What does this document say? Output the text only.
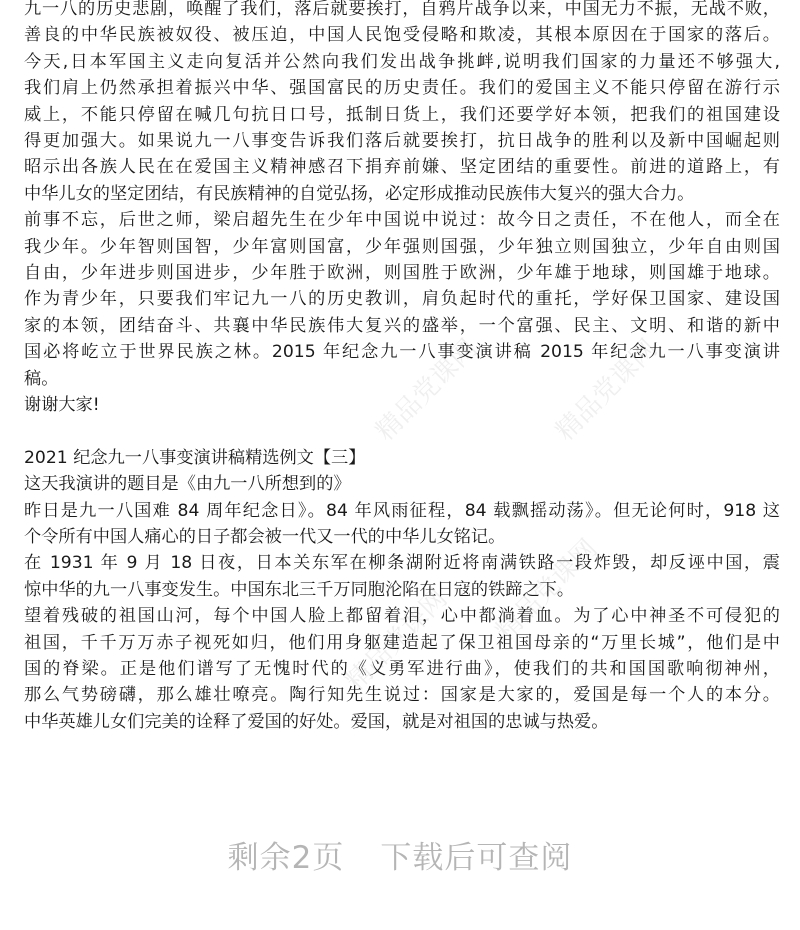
九一八的历史悲剧，唤醒了我们，落后就要挨打，自鸦片战争以来，中国无力不振，无战不败，
善良的中华民族被奴役、被压迫，中国人民饱受侵略和欺凌，其根本原因在于国家的落后。
今天,日本军国主义走向复活并公然向我们发出战争挑衅,说明我们国家的力量还不够强大,
我们肩上仍然承担着振兴中华、强国富民的历史责任。我们的爱国主义不能只停留在游行示
威上，不能只停留在喊几句抗日口号，抵制日货上，我们还要学好本领，把我们的祖国建设
得更加强大。如果说九一八事变告诉我们落后就要挨打，抗日战争的胜利以及新中国崛起则
昭示出各族人民在在爱国主义精神感召下捐弃前嫌、坚定团结的重要性。前进的道路上，有
中华儿女的坚定团结，有民族精神的自觉弘扬，必定形成推动民族伟大复兴的强大合力。
前事不忘，后世之师，梁启超先生在少年中国说中说过：故今日之责任，不在他人，而全在
我少年。少年智则国智，少年富则国富，少年强则国强，少年独立则国独立，少年自由则国
自由，少年进步则国进步，少年胜于欧洲，则国胜于欧洲，少年雄于地球，则国雄于地球。
作为青少年，只要我们牢记九一八的历史教训，肩负起时代的重托，学好保卫国家、建设国
家的本领，团结奋斗、共襄中华民族伟大复兴的盛举，一个富强、民主、文明、和谐的新中
国必将屹立于世界民族之林。2015 年纪念九一八事变演讲稿 2015 年纪念九一八事变演讲
稿。
谢谢大家!
2021 纪念九一八事变演讲稿精选例文【三】
这天我演讲的题目是《由九一八所想到的》
昨日是九一八国难 84 周年纪念日》。84 年风雨征程，84 载飘摇动荡》。但无论何时，918 这
个令所有中国人痛心的日子都会被一代又一代的中华儿女铭记。
在 1931 年 9 月 18 日夜，日本关东军在柳条湖附近将南满铁路一段炸毁，却反诬中国，震
惊中华的九一八事变发生。中国东北三千万同胞沦陷在日寇的铁蹄之下。
望着残破的祖国山河，每个中国人脸上都留着泪，心中都淌着血。为了心中神圣不可侵犯的
祖国，千千万万赤子视死如归，他们用身躯建造起了保卫祖国母亲的“万里长城”，他们是中
国的脊梁。正是他们谱写了无愧时代的《义勇军进行曲》，使我们的共和国国歌响彻神州，
那么气势磅礴，那么雄壮嘹亮。陶行知先生说过：国家是大家的，爱国是每一个人的本分。
中华英雄儿女们完美的诠释了爱国的好处。爱国，就是对祖国的忠诚与热爱。
精品党课网	精品党课网
精品党课网 精品党课网
剩余2页 下载后可查阅
